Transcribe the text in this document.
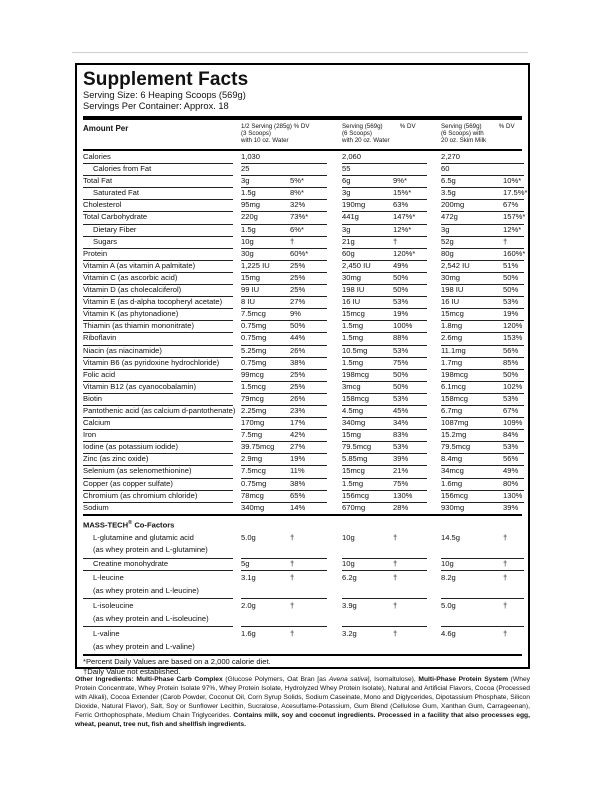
Supplement Facts
Serving Size: 6 Heaping Scoops (569g)
Servings Per Container: Approx. 18
Amount Per	1/2 Serving (285g) % DV
(3 Scoops)
with 10 oz. Water
Serving (569g)          % DV
(6 Scoops)
with 20 oz. Water
Serving (569g)          % DV
(6 Scoops) with
20 oz. Skim Milk
Calories	1,030	2,060	2,270
Calories from Fat	25	55	60
Total Fat	3g	5%*	6g	9%*	6.5g	10%*
Saturated Fat	1.5g	8%*	3g	15%*	3.5g	17.5%*
Cholesterol	95mg	32%	190mg	63%	200mg	67%
Total Carbohydrate	220g	73%*	441g	147%*	472g	157%*
Dietary Fiber	1.5g	6%*	3g	12%*	3g	12%*
Sugars	10g	†	21g	†	52g	†
Protein	30g	60%*	60g	120%*	80g	160%*
Vitamin A (as vitamin A palmitate)	1,225 IU	25%	2,450 IU	49%	2,542 IU	51%
Vitamin C (as ascorbic acid)	15mg	25%	30mg	50%	30mg	50%
Vitamin D (as cholecalciferol)	99 IU	25%	198 IU	50%	198 IU	50%
Vitamin E (as d-alpha tocopheryl acetate) 8 IU	27%	16 IU	53%	16 IU	53%
Vitamin K (as phytonadione)	7.5mcg	9%	15mcg	19%	15mcg	19%
Thiamin (as thiamin mononitrate)	0.75mg	50%	1.5mg	100%	1.8mg	120%
Riboflavin	0.75mg	44%	1.5mg	88%	2.6mg	153%
Niacin (as niacinamide)	5.25mg	26%	10.5mg	53%	11.1mg	56%
Vitamin B6 (as pyridoxine hydrochloride)	0.75mg	38%	1.5mg	75%	1.7mg	85%
Folic acid	99mcg	25%	198mcg	50%	198mcg	50%
Vitamin B12 (as cyanocobalamin)	1.5mcg	25%	3mcg	50%	6.1mcg	102%
Biotin	79mcg	26%	158mcg	53%	158mcg	53%
Pantothenic acid (as calcium d-pantothenate) 2.25mg	23%	4.5mg	45%	6.7mg	67%
Calcium	170mg	17%	340mg	34%	1087mg	109%
Iron	7.5mg	42%	15mg	83%	15.2mg	84%
Iodine (as potassium iodide)	39.75mcg 27%	79.5mcg	53%	79.5mcg	53%
Zinc (as zinc oxide)	2.9mg	19%	5.85mg	39%	8.4mg	56%
Selenium (as selenomethionine)	7.5mcg	11%	15mcg	21%	34mcg	49%
Copper (as copper sulfate)	0.75mg	38%	1.5mg	75%	1.6mg	80%
Chromium (as chromium chloride)	78mcg	65%	156mcg	130%	156mcg	130%
Sodium	340mg	14%	670mg	28%	930mg	39%
MASS-TECH® Co-Factors
L-glutamine and glutamic acid
(as whey protein and L-glutamine)
5.0g	†	10g	†	14.5g	†
Creatine monohydrate	5g	†	10g	†	10g	†
L-leucine
(as whey protein and L-leucine)
3.1g	†	6.2g	†	8.2g	†
L-isoleucine
(as whey protein and L-isoleucine)
2.0g	†	3.9g	†	5.0g	†
L-valine
(as whey protein and L-valine)
1.6g	†	3.2g	†	4.6g	†
*Percent Daily Values are based on a 2,000 calorie diet.
†Daily Value not established.
Other Ingredients: Multi-Phase Carb Complex (Glucose Polymers, Oat Bran [as Avena sativa], Isomaltulose), Multi-Phase Protein System (Whey Protein Concentrate, Whey Protein Isolate 97%, Whey Protein Isolate, Hydrolyzed Whey Protein Isolate), Natural and Artificial Flavors, Cocoa (Processed with Alkali), Cocoa Extender (Carob Powder, Coconut Oil, Corn Syrup Solids, Sodium Caseinate, Mono and Diglycerides, Dipotassium Phosphate, Silicon Dioxide, Natural Flavor), Salt, Soy or Sunflower Lecithin, Sucralose, Acesulfame-Potassium, Gum Blend (Cellulose Gum, Xanthan Gum, Carrageenan), Ferric Orthophosphate, Medium Chain Triglycerides. Contains milk, soy and coconut ingredients. Processed in a facility that also processes egg, wheat, peanut, tree nut, fish and shellfish ingredients.
